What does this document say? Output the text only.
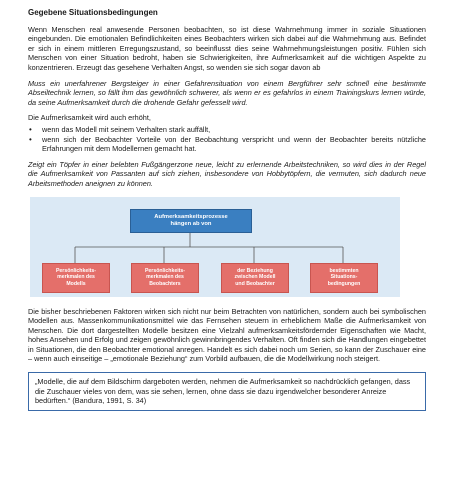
Gegebene Situationsbedingungen

Wenn Menschen real anwesende Personen beobachten, so ist diese Wahrnehmung immer in soziale Situationen eingebunden. Die emotionalen Befindlichkeiten eines Beobachters wirken sich dabei auf die Wahrnehmung aus. Befindet er sich in einem mittleren Erregungszustand, so beeinflusst dies seine Wahrnehmungsleistungen positiv. Fühlen sich Menschen von einer Situation bedroht, haben sie Schwierigkeiten, ihre Aufmerksamkeit auf die wichtigen Aspekte zu konzentrieren. Erzeugt das gesehene Verhalten Angst, so wenden sie sich sogar davon ab

Muss ein unerfahrener Bergsteiger in einer Gefahrensituation von einem Bergführer sehr schnell eine bestimmte Abseiltechnik lernen, so fällt ihm das gewöhnlich schwerer, als wenn er es gefahrlos in einem Trainingskurs lernen würde, da seine Aufmerksamkeit durch die drohende Gefahr gefesselt wird.

Die Aufmerksamkeit wird auch erhöht,

• wenn das Modell mit seinem Verhalten stark auffällt,
• wenn sich der Beobachter Vorteile von der Beobachtung verspricht und wenn der Beobachter bereits nützliche Erfahrungen mit dem Modellernen gemacht hat.

Zeigt ein Töpfer in einer belebten Fußgängerzone neue, leicht zu erlernende Arbeitstechniken, so wird dies in der Regel die Aufmerksamkeit von Passanten auf sich ziehen, insbesondere von Hobbytöpfern, die vermuten, sich dadurch neue Arbeitsmethoden aneignen zu können.

Aufmerksamkeitsprozesse
hängen ab von
Persönlichkeits-
merkmalen des
Modells
Persönlichkeits-
merkmalen des
Beobachters
der Beziehung
zwischen Modell
und Beobachter
bestimmten
Situations-
bedingungen

Die bisher beschriebenen Faktoren wirken sich nicht nur beim Betrachten von natürlichen, sondern auch bei symbolischen Modellen aus. Massenkommunikationsmittel wie das Fernsehen steuern in erheblichem Maße die Aufmerksamkeit von Menschen. Die dort dargestellten Modelle besitzen eine Vielzahl aufmerksamkeitsfördernder Eigenschaften wie Macht, hohes Ansehen und Erfolg und zeigen gewöhnlich gewinnbringendes Verhalten. Oft finden sich die Handlungen eingebettet in Situationen, die den Beobachter emotional anregen. Handelt es sich dabei noch um Serien, so kann der Zuschauer eine – wenn auch einseitige – „emotionale Beziehung“ zum Vorbild aufbauen, die die Modellwirkung noch steigert.

„Modelle, die auf dem Bildschirm dargeboten werden, nehmen die Aufmerksamkeit so nachdrücklich gefangen, dass die Zuschauer vieles von dem, was sie sehen, lernen, ohne dass sie dazu irgendwelcher besonderer Anreize bedürften.“ (Bandura, 1991, S. 34)
